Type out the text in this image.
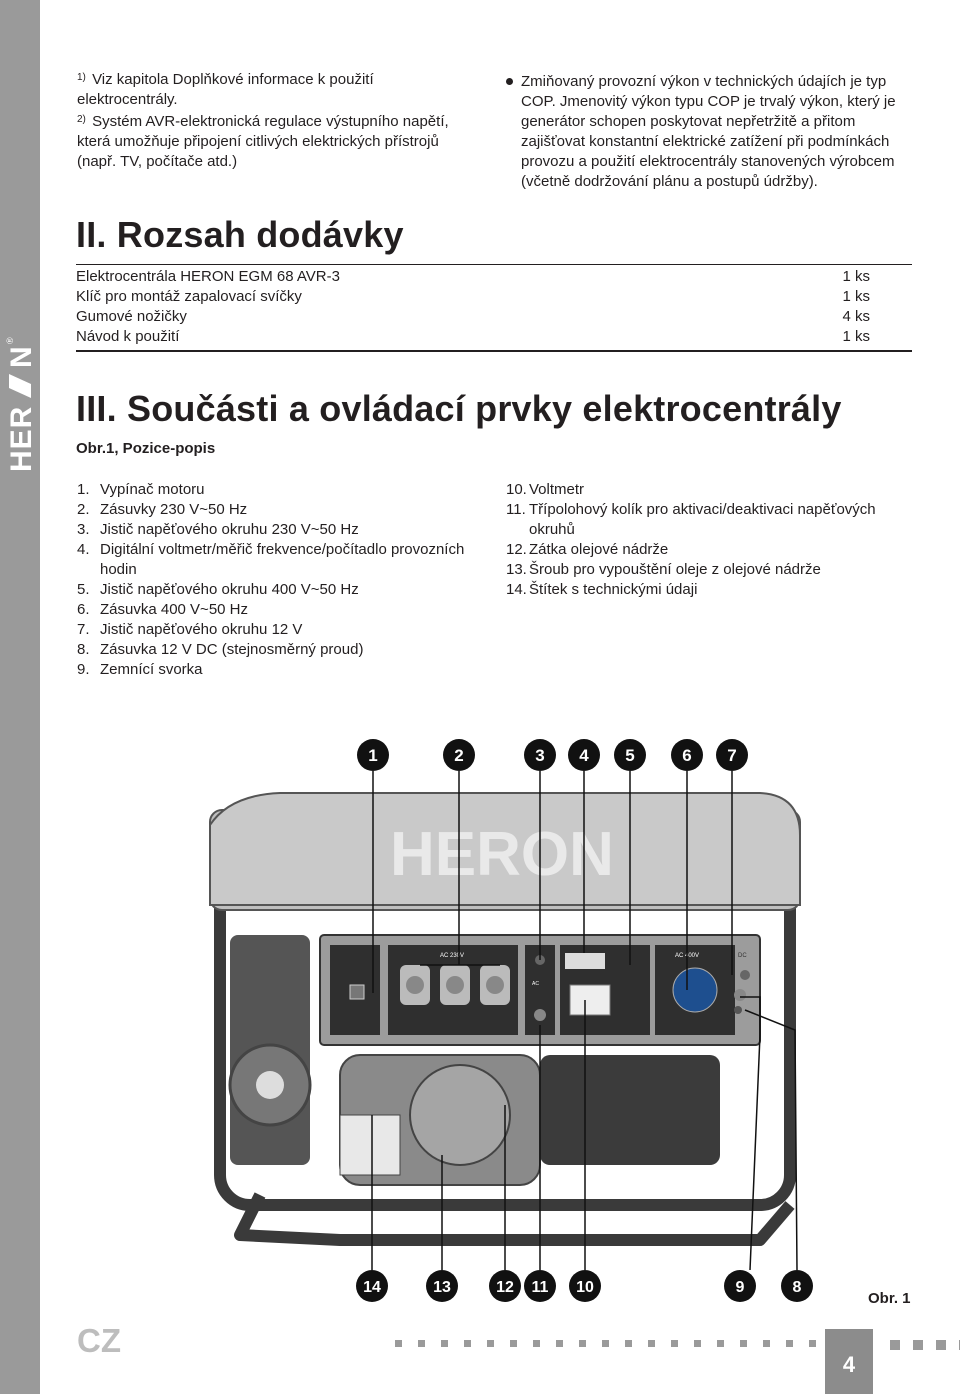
HER
N
®

$^{1)}$ Viz kapitola Doplňkové informace k použití elektrocentrály.

$^{2)}$ Systém AVR-elektronická regulace výstupního napětí, která umožňuje připojení citlivých elektrických přístrojů (např. TV, počítače atd.)

Zmiňovaný provozní výkon v technických údajích je typ COP. Jmenovitý výkon typu COP je trvalý výkon, který je generátor schopen poskytovat nepřetržitě a přitom zajišťovat konstantní elektrické zatížení při podmínkách provozu a použití elektrocentrály stanovených výrobcem (včetně dodržování plánu a postupů údržby).

II. Rozsah dodávky
Elektrocentrála HERON EGM 68 AVR-3	1 ks
Klíč pro montáž zapalovací svíčky	1 ks
Gumové nožičky	4 ks
Návod k použití	1 ks
III. Součásti a ovládací prvky elektrocentrály
Obr.1, Pozice-popis
1. Vypínač motoru
2. Zásuvky 230 V~50 Hz
3. Jistič napěťového okruhu 230 V~50 Hz
4. Digitální voltmetr/měřič frekvence/počítadlo provozních hodin
5. Jistič napěťového okruhu 400 V~50 Hz
6. Zásuvka 400 V~50 Hz
7. Jistič napěťového okruhu 12 V
8. Zásuvka 12 V DC (stejnosměrný proud)
9. Zemnící svorka
10. Voltmetr
11. Třípolohový kolík pro aktivaci/deaktivaci napěťových okruhů
12. Zátka olejové nádrže
13. Šroub pro vypouštění oleje z olejové nádrže
14. Štítek s technickými údaji
HERON
AC 230V
AC
AC 400V	DC
1	2	3 4 5	6 7
14	13	12 11 10	9	8
Obr. 1
CZ
4
